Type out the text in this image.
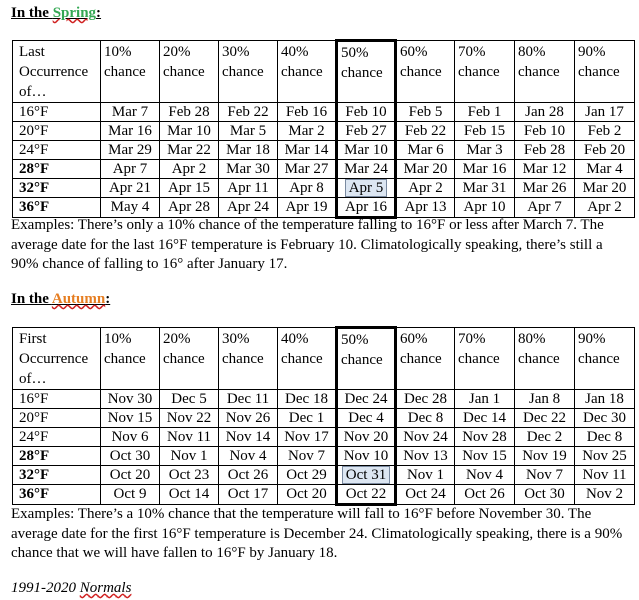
In the Spring:
Last Occurrence of…	10% chance	20% chance	30% chance	40% chance	50% chance	60% chance	70% chance	80% chance	90% chance
16°F	Mar 7	Feb 28	Feb 22	Feb 16	Feb 10	Feb 5	Feb 1	Jan 28	Jan 17
20°F	Mar 16	Mar 10	Mar 5	Mar 2	Feb 27	Feb 22	Feb 15	Feb 10	Feb 2
24°F	Mar 29	Mar 22	Mar 18	Mar 14	Mar 10	Mar 6	Mar 3	Feb 28	Feb 20
28°F	Apr 7	Apr 2	Mar 30	Mar 27	Mar 24	Mar 20	Mar 16	Mar 12	Mar 4
32°F	Apr 21	Apr 15	Apr 11	Apr 8	Apr 5	Apr 2	Mar 31	Mar 26	Mar 20
36°F	May 4	Apr 28	Apr 24	Apr 19	Apr 16	Apr 13	Apr 10	Apr 7	Apr 2
Examples: There’s only a 10% chance of the temperature falling to 16°F or less after March 7. The average date for the last 16°F temperature is February 10. Climatologically speaking, there’s still a 90% chance of falling to 16° after January 17.
In the Autumn:
First Occurrence of…	10% chance	20% chance	30% chance	40% chance	50% chance	60% chance	70% chance	80% chance	90% chance
16°F	Nov 30	Dec 5	Dec 11	Dec 18	Dec 24	Dec 28	Jan 1	Jan 8	Jan 18
20°F	Nov 15	Nov 22	Nov 26	Dec 1	Dec 4	Dec 8	Dec 14	Dec 22	Dec 30
24°F	Nov 6	Nov 11	Nov 14	Nov 17	Nov 20	Nov 24	Nov 28	Dec 2	Dec 8
28°F	Oct 30	Nov 1	Nov 4	Nov 7	Nov 10	Nov 13	Nov 15	Nov 19	Nov 25
32°F	Oct 20	Oct 23	Oct 26	Oct 29	Oct 31	Nov 1	Nov 4	Nov 7	Nov 11
36°F	Oct 9	Oct 14	Oct 17	Oct 20	Oct 22	Oct 24	Oct 26	Oct 30	Nov 2
Examples: There’s a 10% chance that the temperature will fall to 16°F before November 30. The average date for the first 16°F temperature is December 24. Climatologically speaking, there is a 90% chance that we will have fallen to 16°F by January 18.
1991-2020 Normals
